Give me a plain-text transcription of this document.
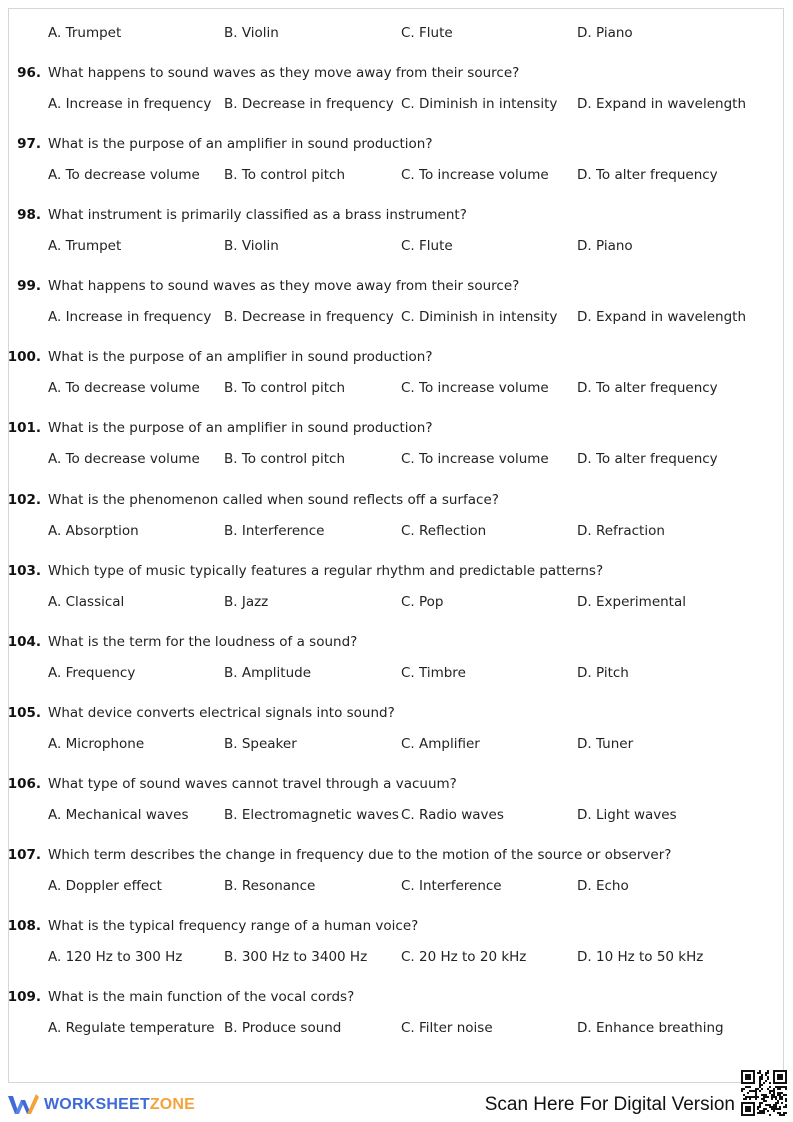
A. Trumpet	B. Violin	C. Flute	D. Piano
96. What happens to sound waves as they move away from their source?
A. Increase in frequency B. Decrease in frequency C. Diminish in intensity D. Expand in wavelength
97. What is the purpose of an amplifier in sound production?
A. To decrease volume B. To control pitch	C. To increase volume D. To alter frequency
98. What instrument is primarily classified as a brass instrument?
A. Trumpet	B. Violin	C. Flute	D. Piano
99. What happens to sound waves as they move away from their source?
A. Increase in frequency B. Decrease in frequency C. Diminish in intensity D. Expand in wavelength
100. What is the purpose of an amplifier in sound production?
A. To decrease volume B. To control pitch	C. To increase volume D. To alter frequency
101. What is the purpose of an amplifier in sound production?
A. To decrease volume B. To control pitch	C. To increase volume D. To alter frequency
102. What is the phenomenon called when sound reflects off a surface?
A. Absorption	B. Interference	C. Reflection	D. Refraction
103. Which type of music typically features a regular rhythm and predictable patterns?
A. Classical	B. Jazz	C. Pop	D. Experimental
104. What is the term for the loudness of a sound?
A. Frequency	B. Amplitude	C. Timbre	D. Pitch
105. What device converts electrical signals into sound?
A. Microphone	B. Speaker	C. Amplifier	D. Tuner
106. What type of sound waves cannot travel through a vacuum?
A. Mechanical waves	B. Electromagnetic waves C. Radio waves	D. Light waves
107. Which term describes the change in frequency due to the motion of the source or observer?
A. Doppler effect	B. Resonance	C. Interference	D. Echo
108. What is the typical frequency range of a human voice?
A. 120 Hz to 300 Hz	B. 300 Hz to 3400 Hz	C. 20 Hz to 20 kHz	D. 10 Hz to 50 kHz
109. What is the main function of the vocal cords?
A. Regulate temperature B. Produce sound	C. Filter noise	D. Enhance breathing
WORKSHEETZONE	Scan Here For Digital Version
